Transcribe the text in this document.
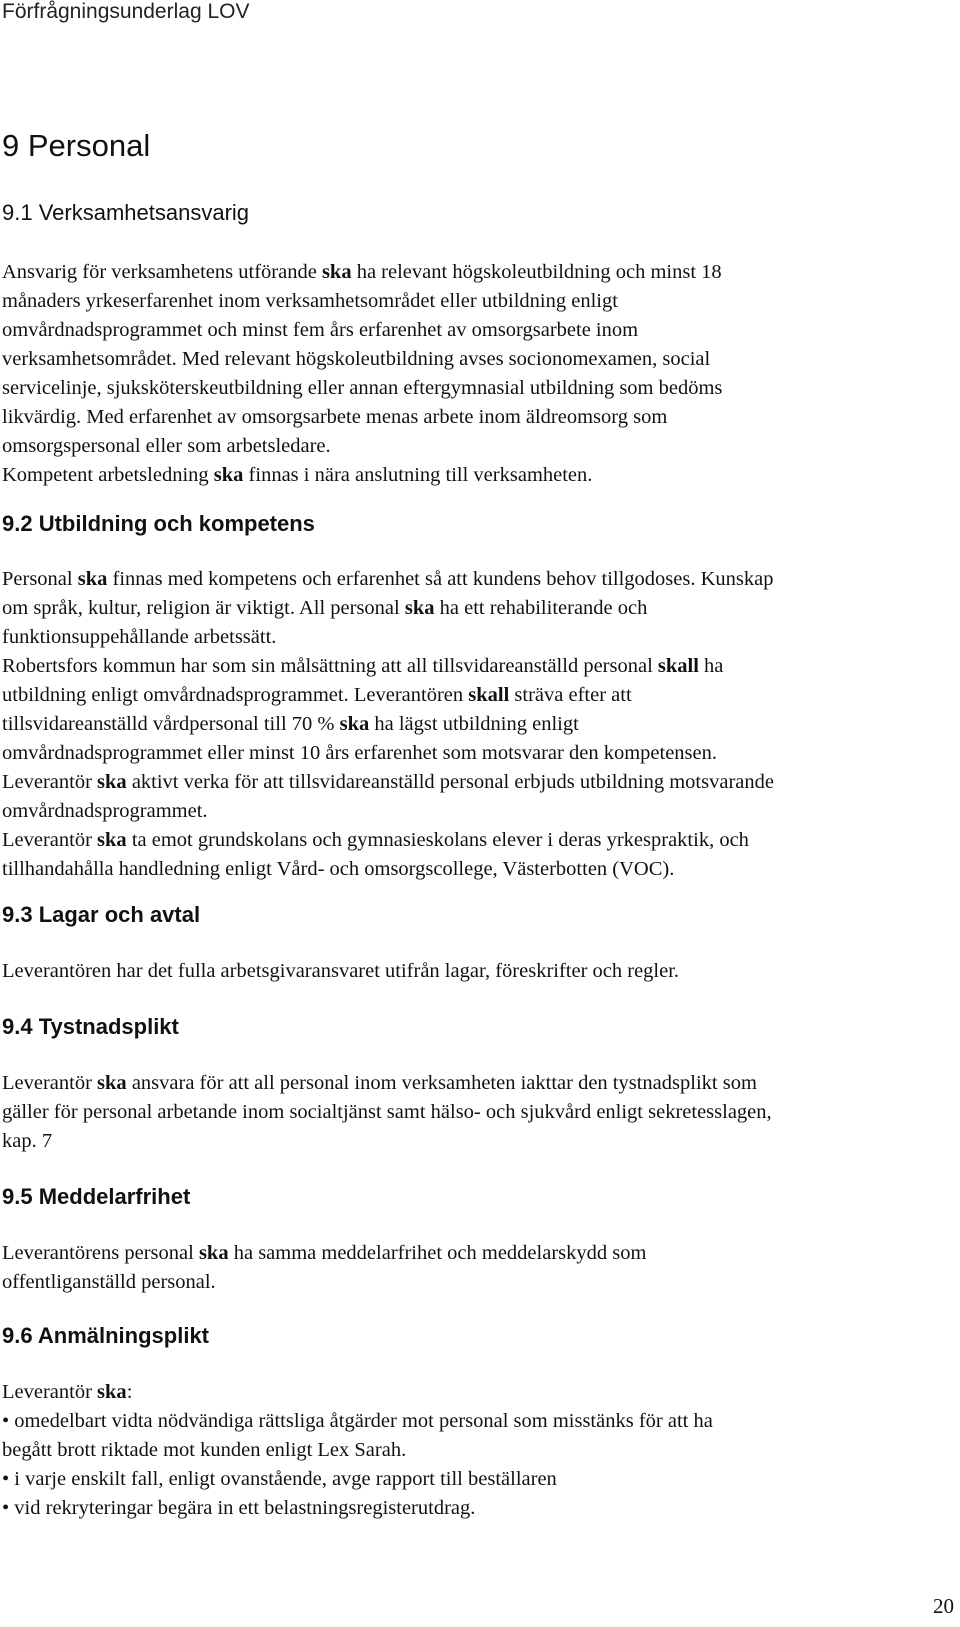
Förfrågningsunderlag LOV
9 Personal
9.1 Verksamhetsansvarig

Ansvarig för verksamhetens utförande ska ha relevant högskoleutbildning och minst 18

månaders yrkeserfarenhet inom verksamhetsområdet eller utbildning enligt

omvårdnadsprogrammet och minst fem års erfarenhet av omsorgsarbete inom

verksamhetsområdet. Med relevant högskoleutbildning avses socionomexamen, social

servicelinje, sjuksköterskeutbildning eller annan eftergymnasial utbildning som bedöms

likvärdig. Med erfarenhet av omsorgsarbete menas arbete inom äldreomsorg som

omsorgspersonal eller som arbetsledare.

Kompetent arbetsledning ska finnas i nära anslutning till verksamheten.

9.2 Utbildning och kompetens

Personal ska finnas med kompetens och erfarenhet så att kundens behov tillgodoses. Kunskap

om språk, kultur, religion är viktigt. All personal ska ha ett rehabiliterande och

funktionsuppehållande arbetssätt.

Robertsfors kommun har som sin målsättning att all tillsvidareanställd personal skall ha

utbildning enligt omvårdnadsprogrammet. Leverantören skall sträva efter att

tillsvidareanställd vårdpersonal till 70 % ska ha lägst utbildning enligt

omvårdnadsprogrammet eller minst 10 års erfarenhet som motsvarar den kompetensen.

Leverantör ska aktivt verka för att tillsvidareanställd personal erbjuds utbildning motsvarande

omvårdnadsprogrammet.

Leverantör ska ta emot grundskolans och gymnasieskolans elever i deras yrkespraktik, och

tillhandahålla handledning enligt Vård- och omsorgscollege, Västerbotten (VOC).

9.3 Lagar och avtal

Leverantören har det fulla arbetsgivaransvaret utifrån lagar, föreskrifter och regler.

9.4 Tystnadsplikt

Leverantör ska ansvara för att all personal inom verksamheten iakttar den tystnadsplikt som

gäller för personal arbetande inom socialtjänst samt hälso- och sjukvård enligt sekretesslagen,

kap. 7

9.5 Meddelarfrihet

Leverantörens personal ska ha samma meddelarfrihet och meddelarskydd som

offentliganställd personal.

9.6 Anmälningsplikt

Leverantör ska:

• omedelbart vidta nödvändiga rättsliga åtgärder mot personal som misstänks för att ha

begått brott riktade mot kunden enligt Lex Sarah.

• i varje enskilt fall, enligt ovanstående, avge rapport till beställaren

• vid rekryteringar begära in ett belastningsregisterutdrag.

20
